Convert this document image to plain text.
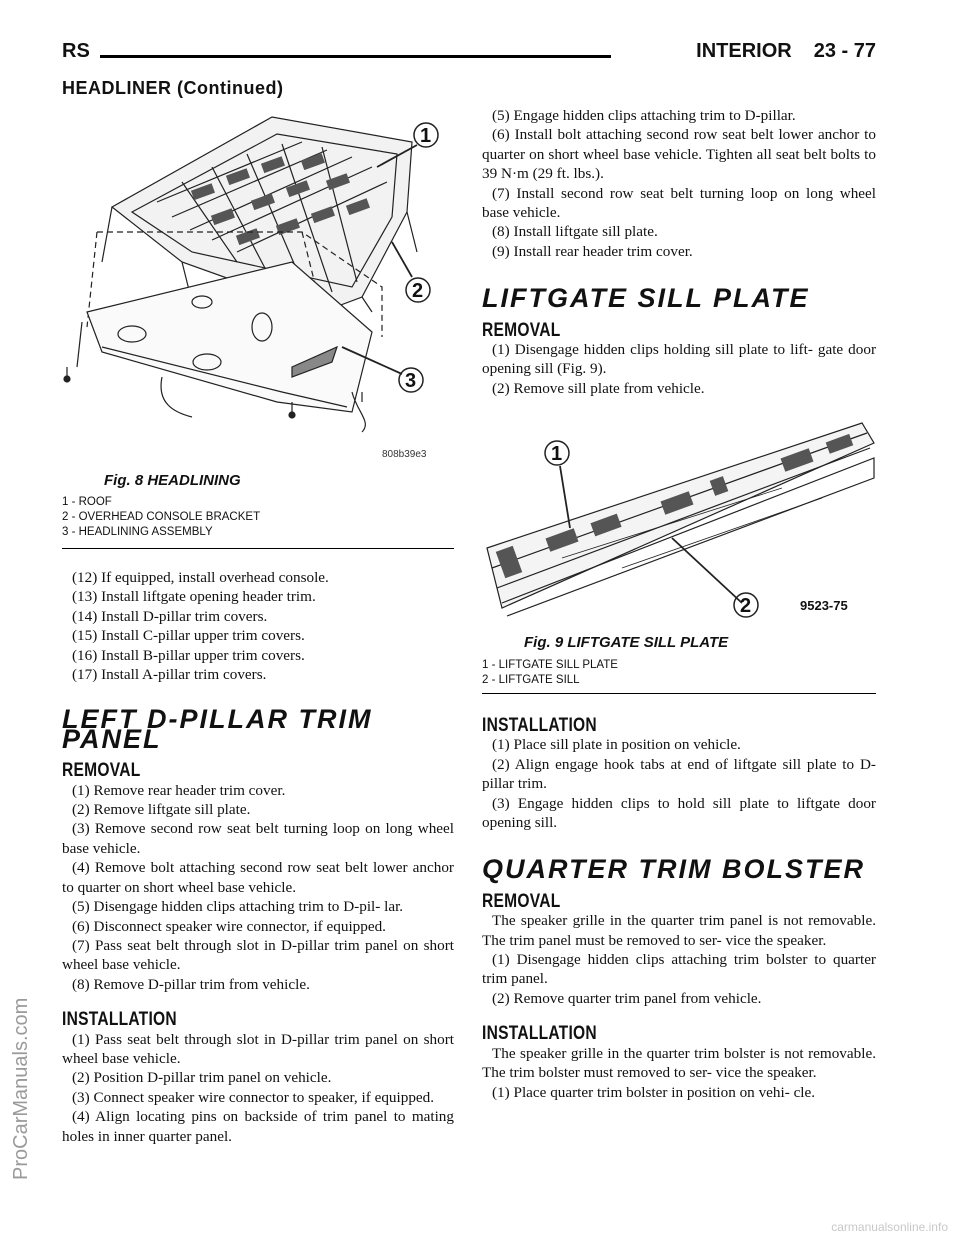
RS	INTERIOR 23 - 77
HEADLINER (Continued)
1
2
3
808b39e3
Fig. 8 HEADLINING
1 - ROOF
2 - OVERHEAD CONSOLE BRACKET
3 - HEADLINING ASSEMBLY

(12) If equipped, install overhead console.

(13) Install liftgate opening header trim.

(14) Install D-pillar trim covers.

(15) Install C-pillar upper trim covers.

(16) Install B-pillar upper trim covers.

(17) Install A-pillar trim covers.

LEFT D-PILLAR TRIM PANEL
REMOVAL

(1) Remove rear header trim cover.

(2) Remove liftgate sill plate.

(3) Remove second row seat belt turning loop on long wheel base vehicle.

(4) Remove bolt attaching second row seat belt lower anchor to quarter on short wheel base vehicle.

(5) Disengage hidden clips attaching trim to D-pil- lar.

(6) Disconnect speaker wire connector, if equipped.

(7) Pass seat belt through slot in D-pillar trim panel on short wheel base vehicle.

(8) Remove D-pillar trim from vehicle.

INSTALLATION

(1) Pass seat belt through slot in D-pillar trim panel on short wheel base vehicle.

(2) Position D-pillar trim panel on vehicle.

(3) Connect speaker wire connector to speaker, if equipped.

(4) Align locating pins on backside of trim panel to mating holes in inner quarter panel.

(5) Engage hidden clips attaching trim to D-pillar.

(6) Install bolt attaching second row seat belt lower anchor to quarter on short wheel base vehicle. Tighten all seat belt bolts to 39 N·m (29 ft. lbs.).

(7) Install second row seat belt turning loop on long wheel base vehicle.

(8) Install liftgate sill plate.

(9) Install rear header trim cover.

LIFTGATE SILL PLATE
REMOVAL

(1) Disengage hidden clips holding sill plate to lift- gate door opening sill (Fig. 9).

(2) Remove sill plate from vehicle.

1
2	9523-75
Fig. 9 LIFTGATE SILL PLATE
1 - LIFTGATE SILL PLATE
2 - LIFTGATE SILL
INSTALLATION

(1) Place sill plate in position on vehicle.

(2) Align engage hook tabs at end of liftgate sill plate to D-pillar trim.

(3) Engage hidden clips to hold sill plate to liftgate door opening sill.

QUARTER TRIM BOLSTER
REMOVAL

The speaker grille in the quarter trim panel is not removable. The trim panel must be removed to ser- vice the speaker.

(1) Disengage hidden clips attaching trim bolster to quarter trim panel.

(2) Remove quarter trim panel from vehicle.

INSTALLATION

The speaker grille in the quarter trim bolster is not removable. The trim bolster must removed to ser- vice the speaker.

(1) Place quarter trim bolster in position on vehi- cle.

ProCarManuals.com
carmanualsonline.info
